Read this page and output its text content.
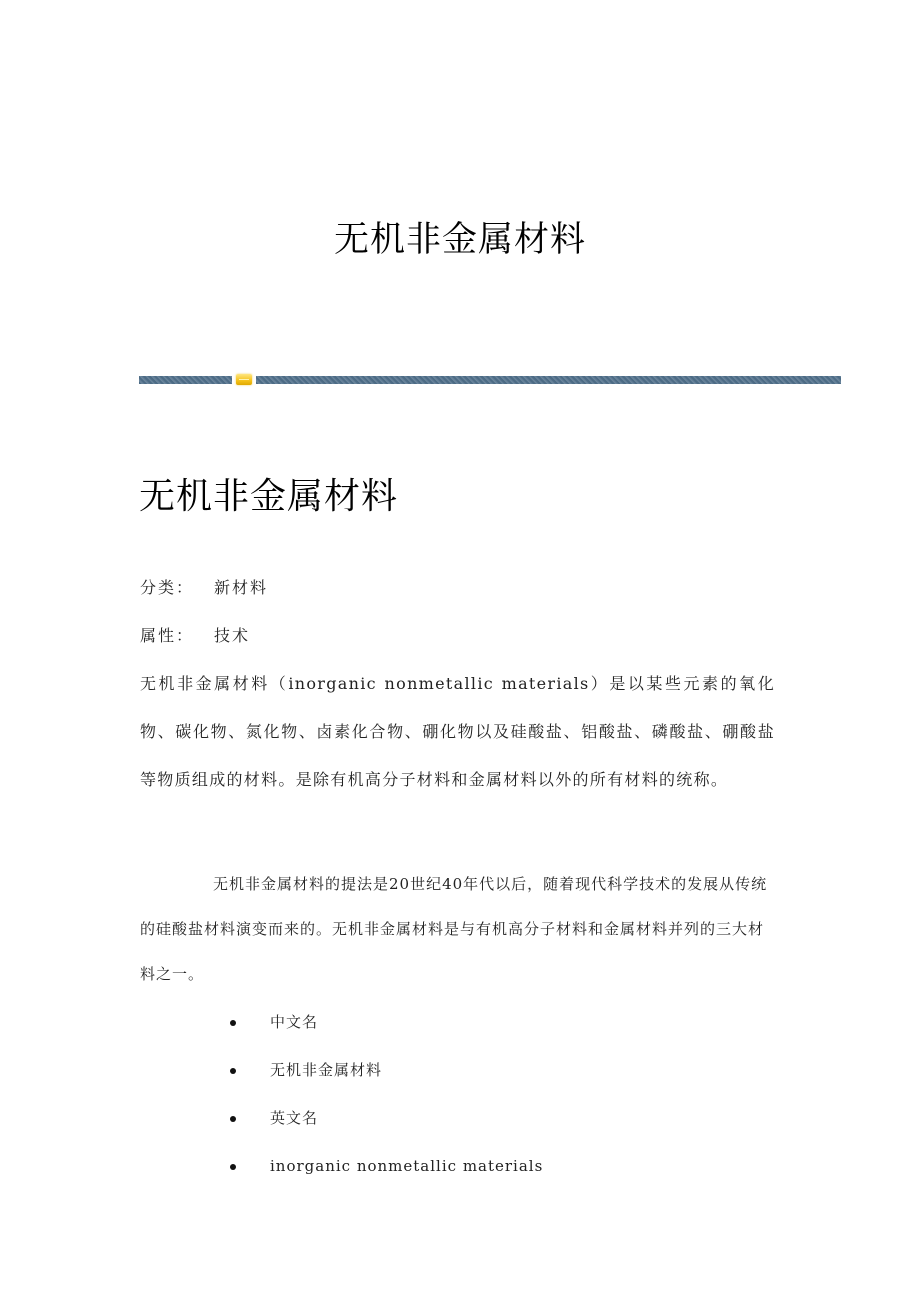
无机非金属材料
无机非金属材料
分类： 新材料
属性： 技术
无机非金属材料（inorganic nonmetallic materials）是以某些元素的氧化物、碳化物、氮化物、卤素化合物、硼化物以及硅酸盐、铝酸盐、磷酸盐、硼酸盐等物质组成的材料。是除有机高分子材料和金属材料以外的所有材料的统称。
无机非金属材料的提法是20世纪40年代以后，随着现代科学技术的发展从传统的硅酸盐材料演变而来的。无机非金属材料是与有机高分子材料和金属材料并列的三大材料之一。
中文名
无机非金属材料
英文名
inorganic nonmetallic materials
